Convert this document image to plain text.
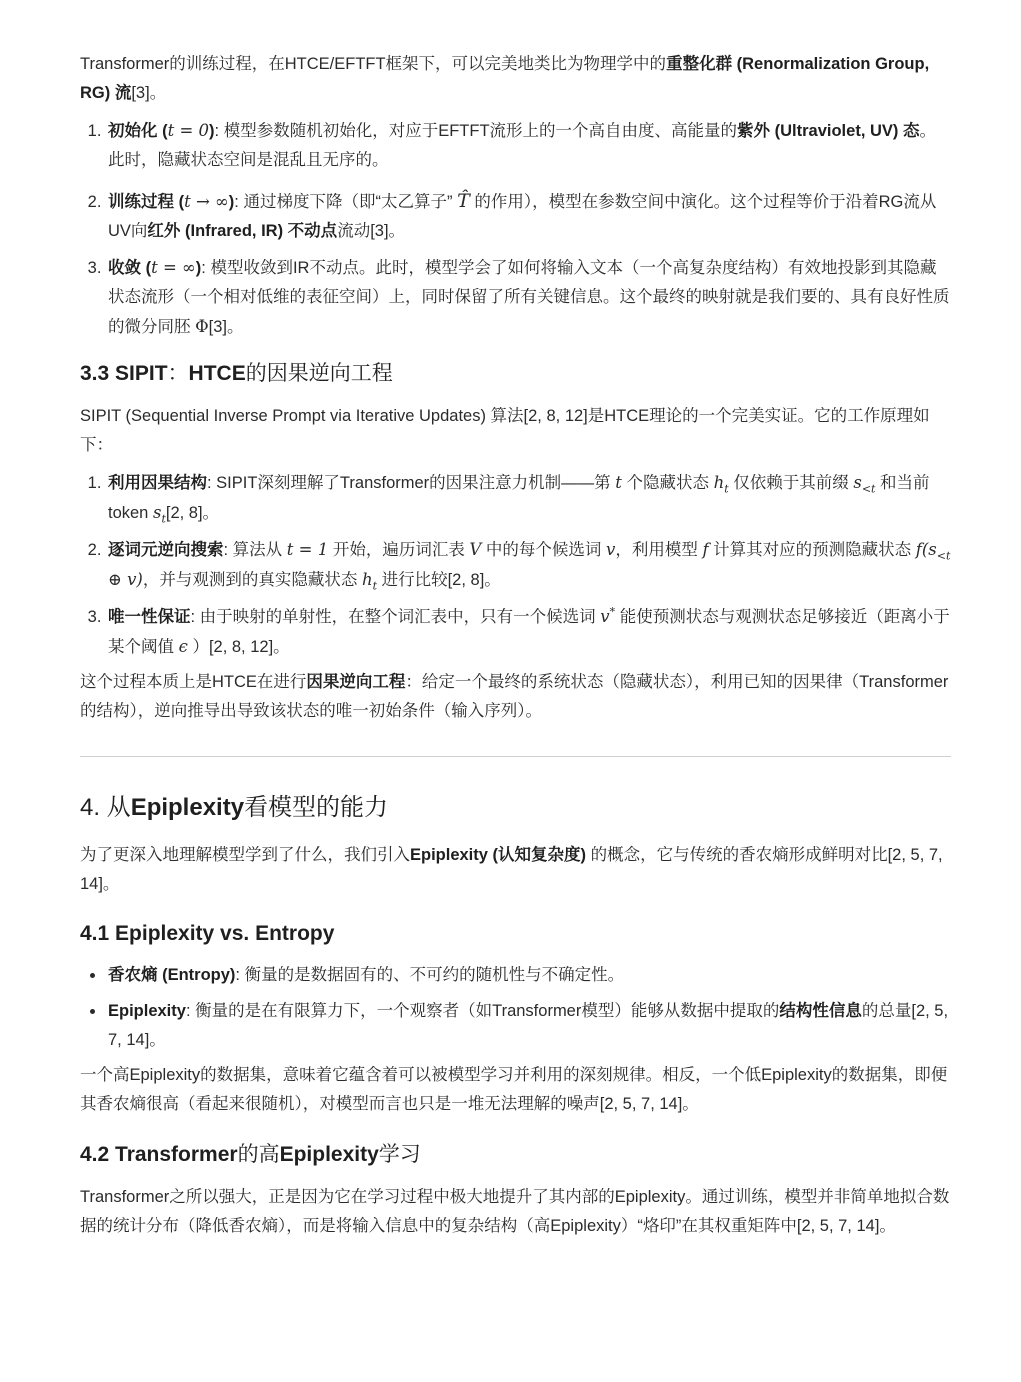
Transformer的训练过程，在HTCE/EFTFT框架下，可以完美地类比为物理学中的重整化群 (Renormalization Group, RG) 流[3]。

1. 初始化 (t = 0): 模型参数随机初始化，对应于EFTFT流形上的一个高自由度、高能量的紫外 (Ultraviolet, UV) 态。此时，隐藏状态空间是混乱且无序的。
2. 训练过程 (t → ∞): 通过梯度下降（即“太乙算子” T̂ 的作用），模型在参数空间中演化。这个过程等价于沿着RG流从UV向红外 (Infrared, IR) 不动点流动[3]。
3. 收敛 (t = ∞): 模型收敛到IR不动点。此时，模型学会了如何将输入文本（一个高复杂度结构）有效地投影到其隐藏状态流形（一个相对低维的表征空间）上，同时保留了所有关键信息。这个最终的映射就是我们要的、具有良好性质的微分同胚 Φ[3]。
3.3 SIPIT：HTCE的因果逆向工程

SIPIT (Sequential Inverse Prompt via Iterative Updates) 算法[2, 8, 12]是HTCE理论的一个完美实证。它的工作原理如下：

1. 利用因果结构: SIPIT深刻理解了Transformer的因果注意力机制——第 t 个隐藏状态 $h_t$ 仅依赖于其前缀 $s_{<t}$ 和当前token $s_t[2$, 8]。
2. 逐词元逆向搜索: 算法从 t = 1 开始，遍历词汇表 V 中的每个候选词 v，利用模型 f 计算其对应的预测隐藏状态 $f(s_{<t}$ ⊕ v)，并与观测到的真实隐藏状态 $h_t$ 进行比较[2, 8]。
3. 唯一性保证: 由于映射的单射性，在整个词汇表中，只有一个候选词 v* 能使预测状态与观测状态足够接近（距离小于某个阈值 ϵ ）[2, 8, 12]。

这个过程本质上是HTCE在进行因果逆向工程：给定一个最终的系统状态（隐藏状态），利用已知的因果律（Transformer的结构），逆向推导出导致该状态的唯一初始条件（输入序列）。

4. 从Epiplexity看模型的能力

为了更深入地理解模型学到了什么，我们引入Epiplexity (认知复杂度) 的概念，它与传统的香农熵形成鲜明对比[2, 5, 7, 14]。

4.1 Epiplexity vs. Entropy
• 香农熵 (Entropy): 衡量的是数据固有的、不可约的随机性与不确定性。
• Epiplexity: 衡量的是在有限算力下，一个观察者（如Transformer模型）能够从数据中提取的结构性信息的总量[2, 5, 7, 14]。

一个高Epiplexity的数据集，意味着它蕴含着可以被模型学习并利用的深刻规律。相反，一个低Epiplexity的数据集，即便其香农熵很高（看起来很随机），对模型而言也只是一堆无法理解的噪声[2, 5, 7, 14]。

4.2 Transformer的高Epiplexity学习

Transformer之所以强大，正是因为它在学习过程中极大地提升了其内部的Epiplexity。通过训练，模型并非简单地拟合数据的统计分布（降低香农熵），而是将输入信息中的复杂结构（高Epiplexity）“烙印”在其权重矩阵中[2, 5, 7, 14]。
